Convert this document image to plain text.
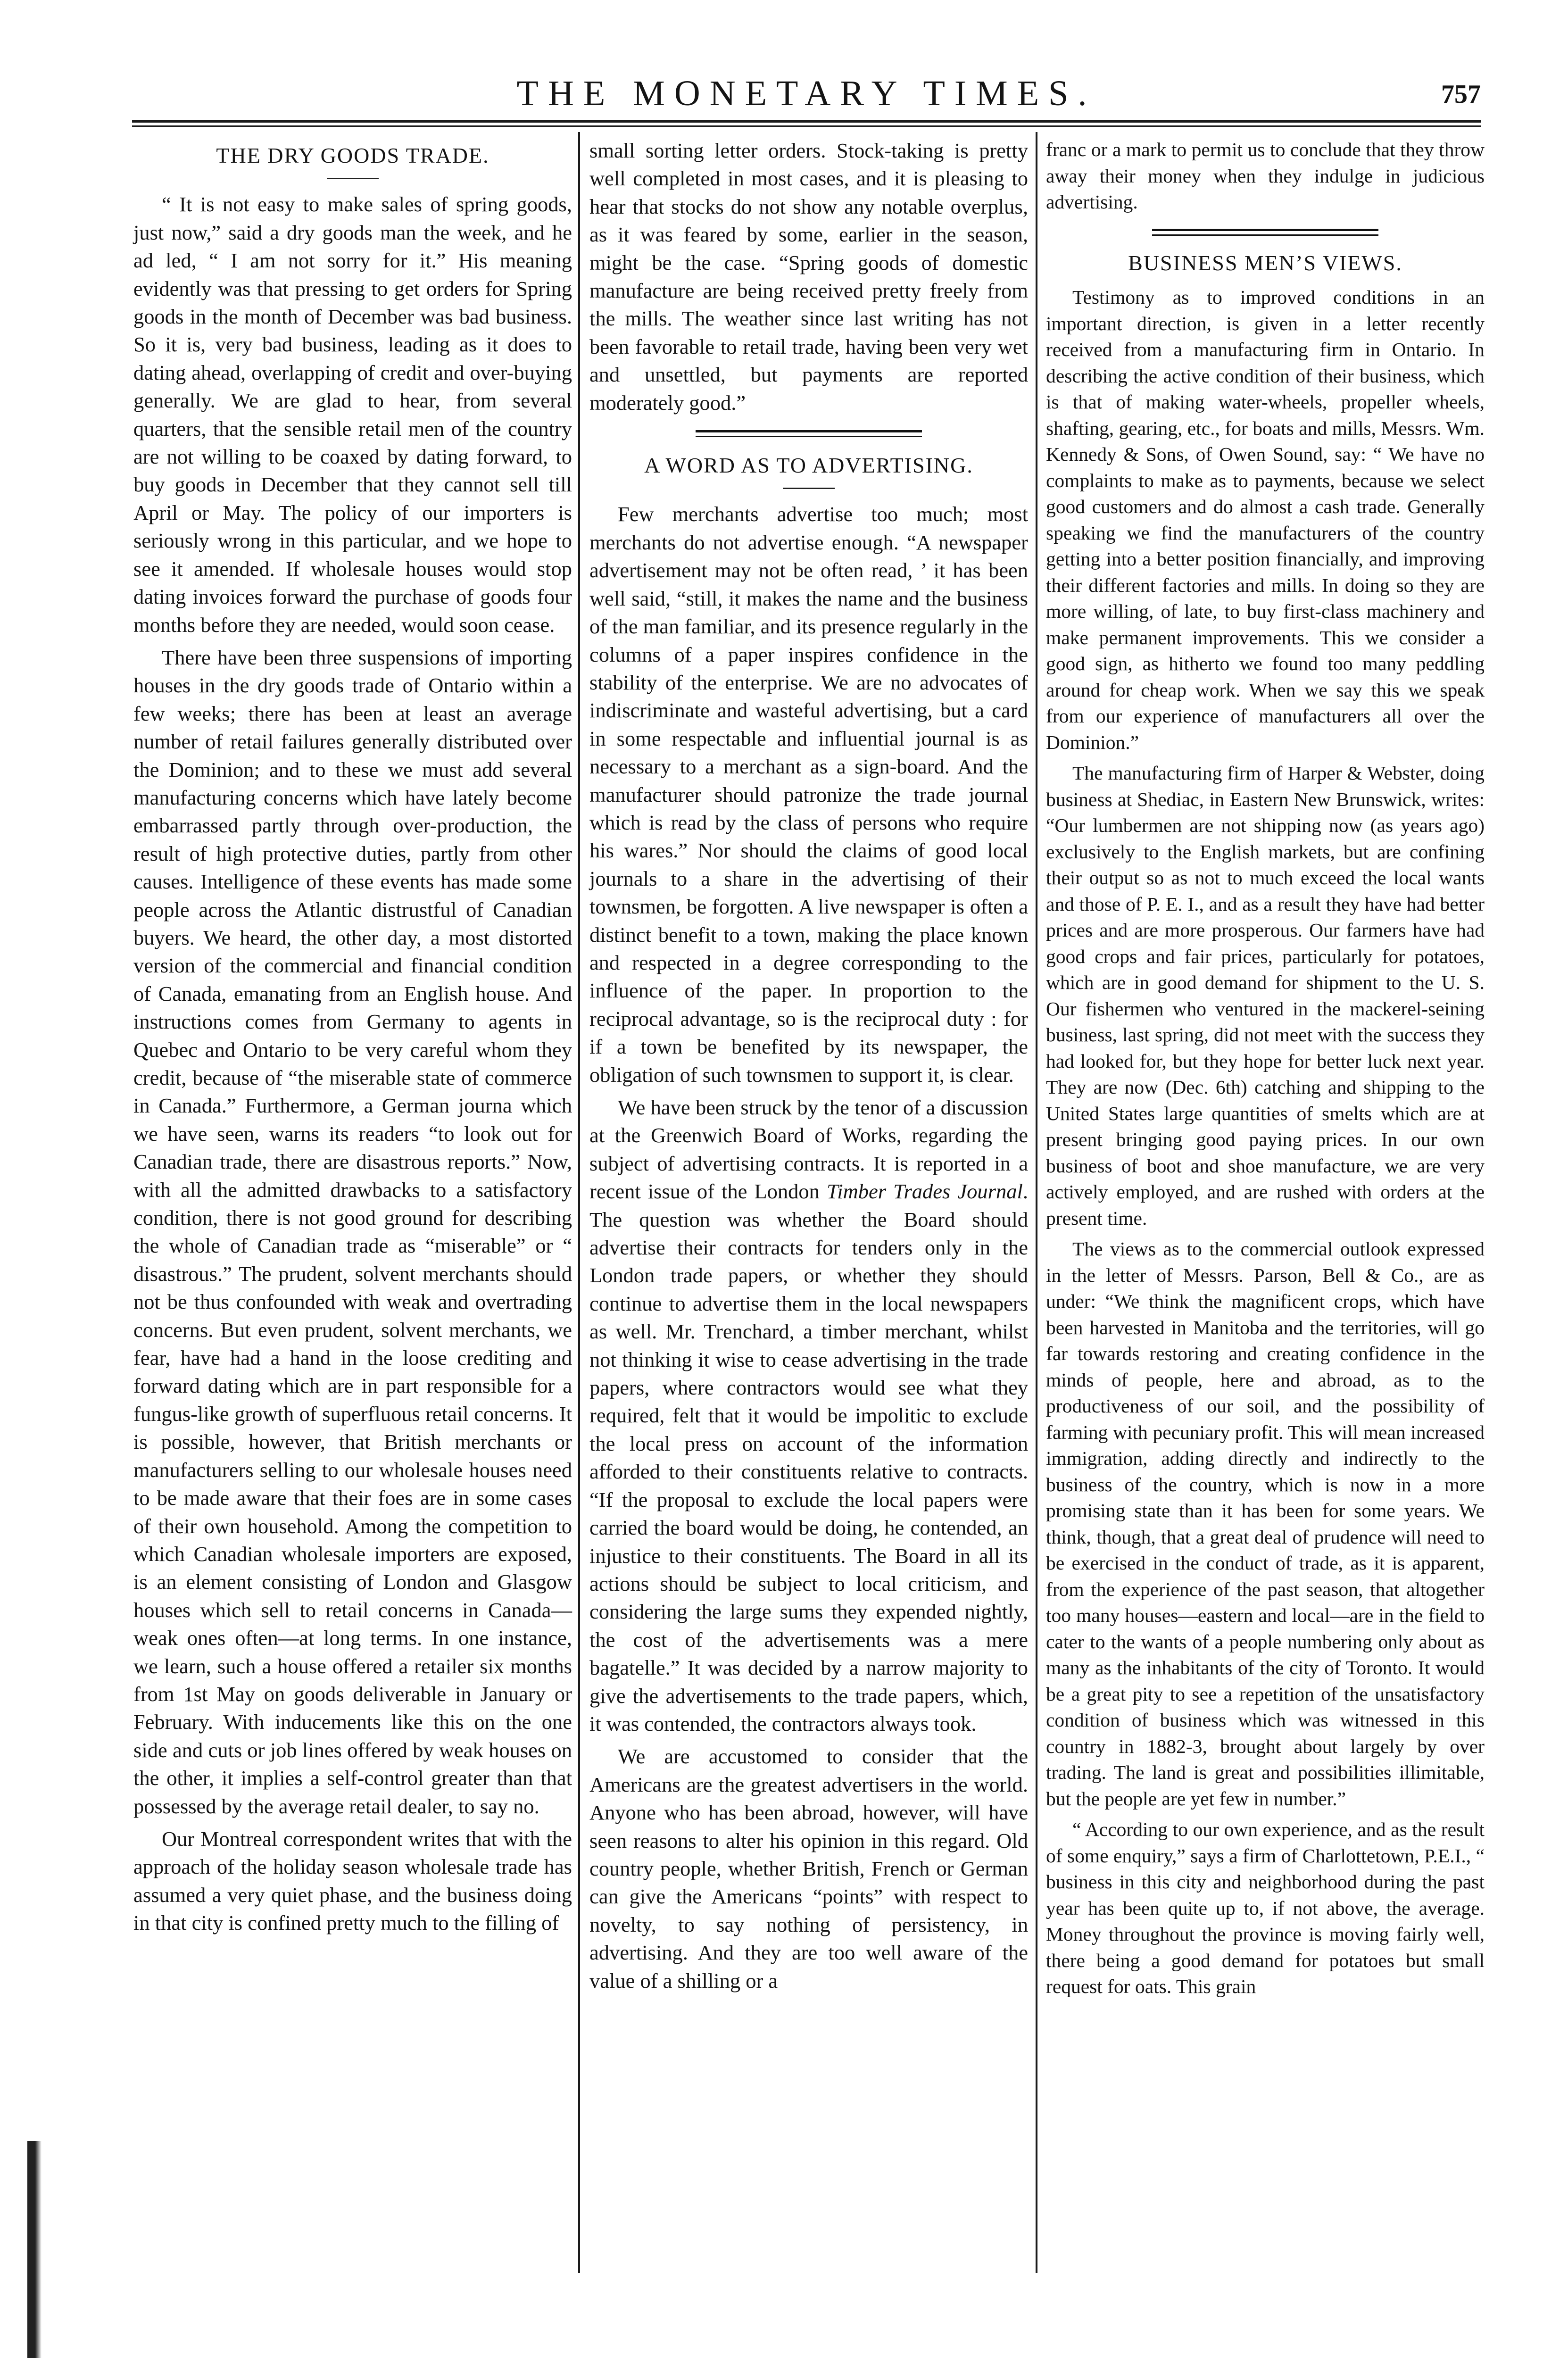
THE MONETARY TIMES.	757
THE DRY GOODS TRADE.

“ It is not easy to make sales of spring goods, just now,” said a dry goods man the week, and he ad led, “ I am not sorry for it.” His meaning evidently was that pressing to get orders for Spring goods in the month of December was bad business. So it is, very bad business, leading as it does to dating ahead, overlapping of credit and over-buying generally. We are glad to hear, from several quarters, that the sensible retail men of the country are not willing to be coaxed by dating forward, to buy goods in December that they cannot sell till April or May. The policy of our importers is seriously wrong in this particular, and we hope to see it amended. If wholesale houses would stop dating invoices forward the purchase of goods four months before they are needed, would soon cease.

There have been three suspensions of importing houses in the dry goods trade of Ontario within a few weeks; there has been at least an average number of retail failures generally distributed over the Dominion; and to these we must add several manufacturing concerns which have lately become embarrassed partly through over-production, the result of high protective duties, partly from other causes. Intelligence of these events has made some people across the Atlantic distrustful of Canadian buyers. We heard, the other day, a most distorted version of the commercial and financial condition of Canada, emanating from an English house. And instructions comes from Germany to agents in Quebec and Ontario to be very careful whom they credit, because of “the miserable state of commerce in Canada.” Furthermore, a German journa which we have seen, warns its readers “to look out for Canadian trade, there are disastrous reports.” Now, with all the admitted drawbacks to a satisfactory condition, there is not good ground for describing the whole of Canadian trade as “miserable” or “ disastrous.” The prudent, solvent merchants should not be thus confounded with weak and overtrading concerns. But even prudent, solvent merchants, we fear, have had a hand in the loose crediting and forward dating which are in part responsible for a fungus-like growth of superfluous retail concerns. It is possible, however, that British merchants or manufacturers selling to our wholesale houses need to be made aware that their foes are in some cases of their own household. Among the competition to which Canadian wholesale importers are exposed, is an element consisting of London and Glasgow houses which sell to retail concerns in Canada—weak ones often—at long terms. In one instance, we learn, such a house offered a retailer six months from 1st May on goods deliverable in January or February. With inducements like this on the one side and cuts or job lines offered by weak houses on the other, it implies a self-control greater than that possessed by the average retail dealer, to say no.

Our Montreal correspondent writes that with the approach of the holiday season wholesale trade has assumed a very quiet phase, and the business doing in that city is confined pretty much to the filling of

small sorting letter orders. Stock-taking is pretty well completed in most cases, and it is pleasing to hear that stocks do not show any notable overplus, as it was feared by some, earlier in the season, might be the case. “Spring goods of domestic manufacture are being received pretty freely from the mills. The weather since last writing has not been favorable to retail trade, having been very wet and unsettled, but payments are reported moderately good.”

A WORD AS TO ADVERTISING.

Few merchants advertise too much; most merchants do not advertise enough. “A newspaper advertisement may not be often read, ’ it has been well said, “still, it makes the name and the business of the man familiar, and its presence regularly in the columns of a paper inspires confidence in the stability of the enterprise. We are no advocates of indiscriminate and wasteful advertising, but a card in some respectable and influential journal is as necessary to a merchant as a sign-board. And the manufacturer should patronize the trade journal which is read by the class of persons who require his wares.” Nor should the claims of good local journals to a share in the advertising of their townsmen, be forgotten. A live newspaper is often a distinct benefit to a town, making the place known and respected in a degree corresponding to the influence of the paper. In proportion to the reciprocal advantage, so is the reciprocal duty : for if a town be benefited by its newspaper, the obligation of such townsmen to support it, is clear.

We have been struck by the tenor of a discussion at the Greenwich Board of Works, regarding the subject of advertising contracts. It is reported in a recent issue of the London Timber Trades Journal. The question was whether the Board should advertise their contracts for tenders only in the London trade papers, or whether they should continue to advertise them in the local newspapers as well. Mr. Trenchard, a timber merchant, whilst not thinking it wise to cease advertising in the trade papers, where contractors would see what they required, felt that it would be impolitic to exclude the local press on account of the information afforded to their constituents relative to contracts. “If the proposal to exclude the local papers were carried the board would be doing, he contended, an injustice to their constituents. The Board in all its actions should be subject to local criticism, and considering the large sums they expended nightly, the cost of the advertisements was a mere bagatelle.” It was decided by a narrow majority to give the advertisements to the trade papers, which, it was contended, the contractors always took.

We are accustomed to consider that the Americans are the greatest advertisers in the world. Anyone who has been abroad, however, will have seen reasons to alter his opinion in this regard. Old country people, whether British, French or German can give the Americans “points” with respect to novelty, to say nothing of persistency, in advertising. And they are too well aware of the value of a shilling or a

franc or a mark to permit us to conclude that they throw away their money when they indulge in judicious advertising.

BUSINESS MEN’S VIEWS.

Testimony as to improved conditions in an important direction, is given in a letter recently received from a manufacturing firm in Ontario. In describing the active condition of their business, which is that of making water-wheels, propeller wheels, shafting, gearing, etc., for boats and mills, Messrs. Wm. Kennedy & Sons, of Owen Sound, say: “ We have no complaints to make as to payments, because we select good customers and do almost a cash trade. Generally speaking we find the manufacturers of the country getting into a better position financially, and improving their different factories and mills. In doing so they are more willing, of late, to buy first-class machinery and make permanent improvements. This we consider a good sign, as hitherto we found too many peddling around for cheap work. When we say this we speak from our experience of manufacturers all over the Dominion.”

The manufacturing firm of Harper & Webster, doing business at Shediac, in Eastern New Brunswick, writes: “Our lumbermen are not shipping now (as years ago) exclusively to the English markets, but are confining their output so as not to much exceed the local wants and those of P. E. I., and as a result they have had better prices and are more prosperous. Our farmers have had good crops and fair prices, particularly for potatoes, which are in good demand for shipment to the U. S. Our fishermen who ventured in the mackerel-seining business, last spring, did not meet with the success they had looked for, but they hope for better luck next year. They are now (Dec. 6th) catching and shipping to the United States large quantities of smelts which are at present bringing good paying prices. In our own business of boot and shoe manufacture, we are very actively employed, and are rushed with orders at the present time.

The views as to the commercial outlook expressed in the letter of Messrs. Parson, Bell & Co., are as under: “We think the magnificent crops, which have been harvested in Manitoba and the territories, will go far towards restoring and creating confidence in the minds of people, here and abroad, as to the productiveness of our soil, and the possibility of farming with pecuniary profit. This will mean increased immigration, adding directly and indirectly to the business of the country, which is now in a more promising state than it has been for some years. We think, though, that a great deal of prudence will need to be exercised in the conduct of trade, as it is apparent, from the experience of the past season, that altogether too many houses—eastern and local—are in the field to cater to the wants of a people numbering only about as many as the inhabitants of the city of Toronto. It would be a great pity to see a repetition of the unsatisfactory condition of business which was witnessed in this country in 1882-3, brought about largely by over trading. The land is great and possibilities illimitable, but the people are yet few in number.”

“ According to our own experience, and as the result of some enquiry,” says a firm of Charlottetown, P.E.I., “ business in this city and neighborhood during the past year has been quite up to, if not above, the average. Money throughout the province is moving fairly well, there being a good demand for potatoes but small request for oats. This grain
